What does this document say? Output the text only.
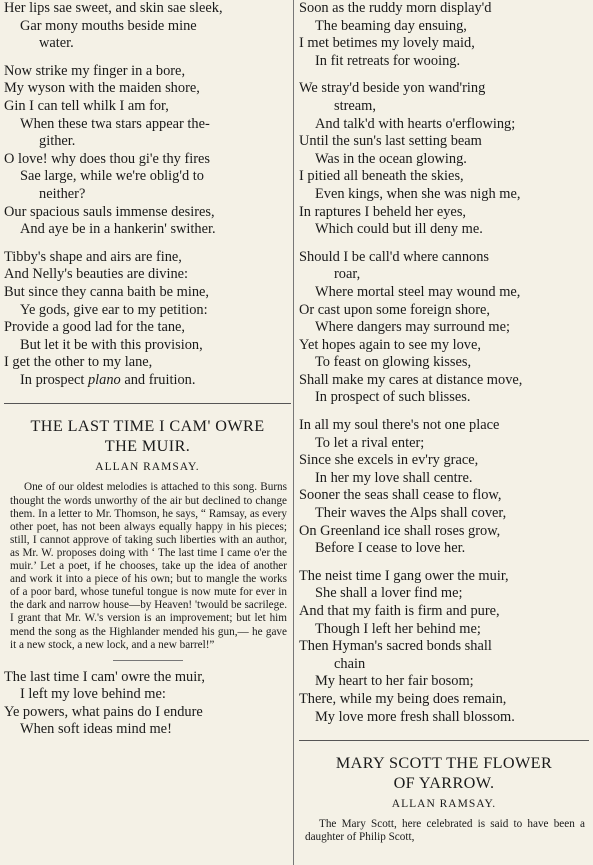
Her lips sae sweet, and skin sae sleek,
Gar mony mouths beside mine
water.
Now strike my finger in a bore,
My wyson with the maiden shore,
Gin I can tell whilk I am for,
When these twa stars appear the-
gither.
O love! why does thou gi'e thy fires
Sae large, while we're oblig'd to
neither?
Our spacious sauls immense desires,
And aye be in a hankerin' swither.
Tibby's shape and airs are fine,
And Nelly's beauties are divine:
But since they canna baith be mine,
Ye gods, give ear to my petition:
Provide a good lad for the tane,
But let it be with this provision,
I get the other to my lane,
In prospect plano and fruition.
THE LAST TIME I CAM' OWRE
THE MUIR.
ALLAN RAMSAY.
One of our oldest melodies is attached to this song. Burns thought the words unworthy of the air but declined to change them. In a letter to Mr. Thomson, he says, “ Ramsay, as every other poet, has not been always equally happy in his pieces; still, I cannot approve of taking such liberties with an author, as Mr. W. proposes doing with ‘ The last time I came o'er the muir.’ Let a poet, if he chooses, take up the idea of another and work it into a piece of his own; but to mangle the works of a poor bard, whose tuneful tongue is now mute for ever in the dark and narrow house—by Heaven! 'twould be sacrilege. I grant that Mr. W.'s version is an improvement; but let him mend the song as the Highlander mended his gun,— he gave it a new stock, a new lock, and a new barrel!”
The last time I cam' owre the muir,
I left my love behind me:
Ye powers, what pains do I endure
When soft ideas mind me!
Soon as the ruddy morn display'd
The beaming day ensuing,
I met betimes my lovely maid,
In fit retreats for wooing.
We stray'd beside yon wand'ring
stream,
And talk'd with hearts o'erflowing;
Until the sun's last setting beam
Was in the ocean glowing.
I pitied all beneath the skies,
Even kings, when she was nigh me,
In raptures I beheld her eyes,
Which could but ill deny me.
Should I be call'd where cannons
roar,
Where mortal steel may wound me,
Or cast upon some foreign shore,
Where dangers may surround me;
Yet hopes again to see my love,
To feast on glowing kisses,
Shall make my cares at distance move,
In prospect of such blisses.
In all my soul there's not one place
To let a rival enter;
Since she excels in ev'ry grace,
In her my love shall centre.
Sooner the seas shall cease to flow,
Their waves the Alps shall cover,
On Greenland ice shall roses grow,
Before I cease to love her.
The neist time I gang ower the muir,
She shall a lover find me;
And that my faith is firm and pure,
Though I left her behind me;
Then Hyman's sacred bonds shall
chain
My heart to her fair bosom;
There, while my being does remain,
My love more fresh shall blossom.
MARY SCOTT THE FLOWER
OF YARROW.
ALLAN RAMSAY.
The Mary Scott, here celebrated is said to have been a daughter of Philip Scott,
